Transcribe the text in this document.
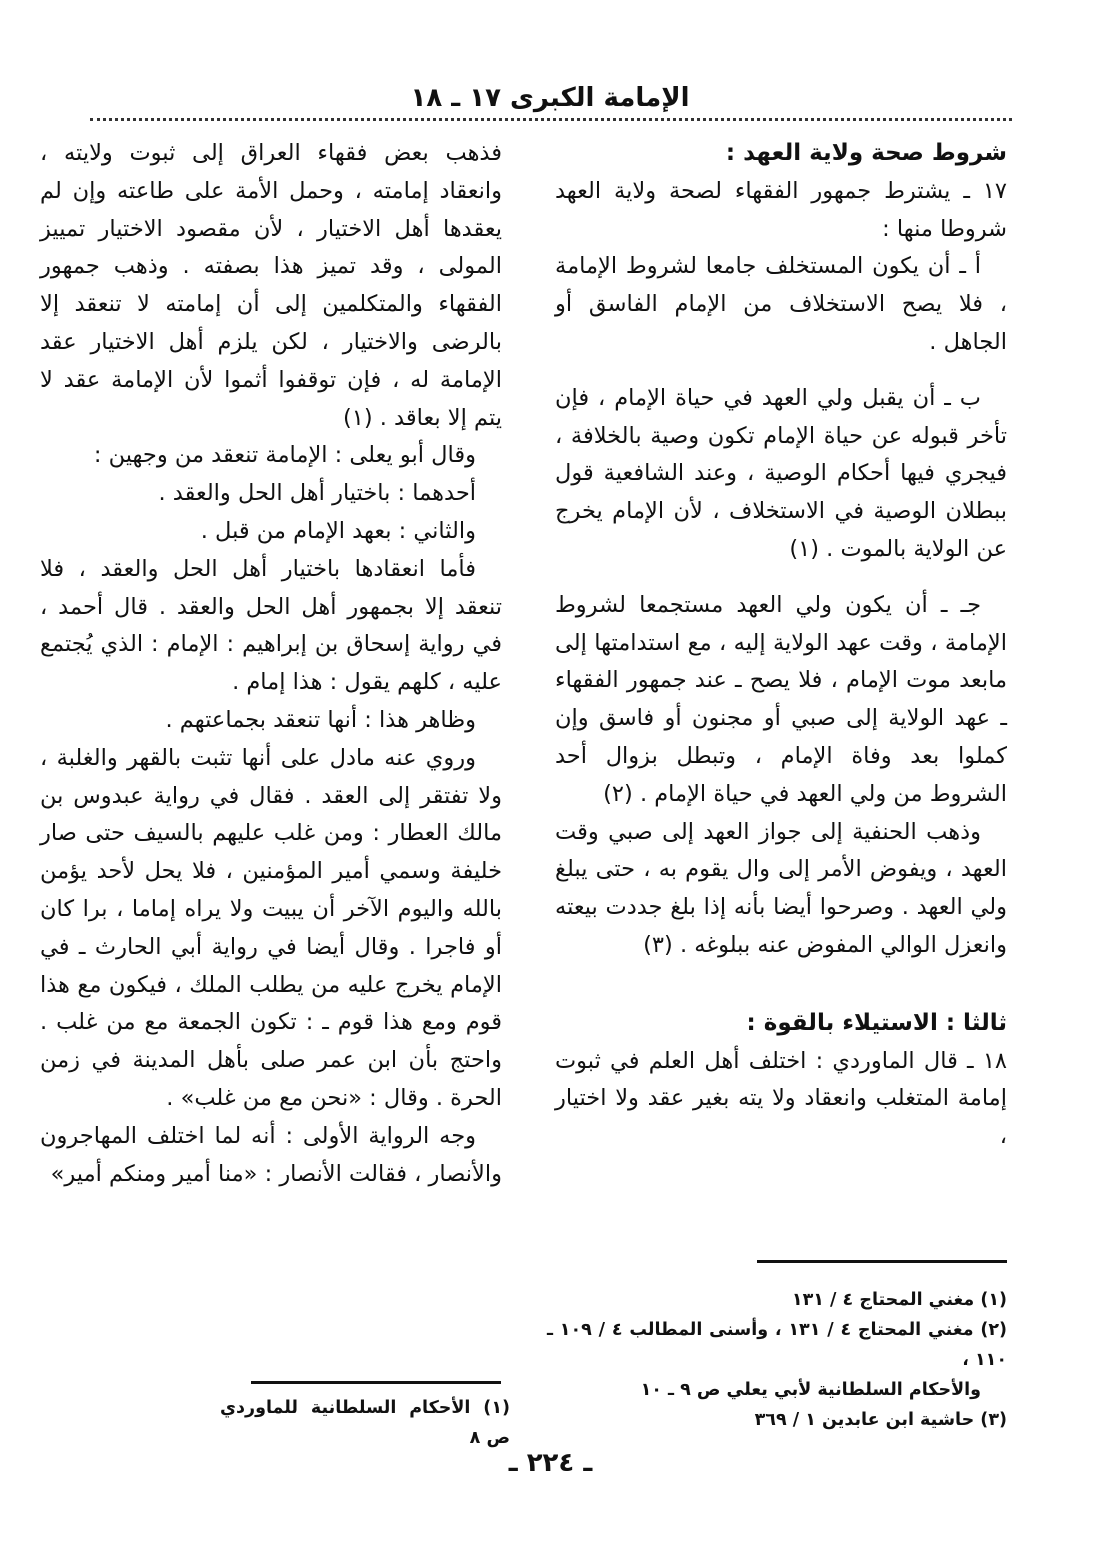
الإمامة الكبرى ١٧ ـ ١٨

شروط صحة ولاية العهد :

١٧ ـ يشترط جمهور الفقهاء لصحة ولاية العهد شروطا منها :

أ ـ أن يكون المستخلف جامعا لشروط الإمامة ، فلا يصح الاستخلاف من الإمام الفاسق أو الجاهل .

ب ـ أن يقبل ولي العهد في حياة الإمام ، فإن تأخر قبوله عن حياة الإمام تكون وصية بالخلافة ، فيجري فيها أحكام الوصية ، وعند الشافعية قول ببطلان الوصية في الاستخلاف ، لأن الإمام يخرج عن الولاية بالموت . (١)

جـ ـ أن يكون ولي العهد مستجمعا لشروط الإمامة ، وقت عهد الولاية إليه ، مع استدامتها إلى مابعد موت الإمام ، فلا يصح ـ عند جمهور الفقهاء ـ عهد الولاية إلى صبي أو مجنون أو فاسق وإن كملوا بعد وفاة الإمام ، وتبطل بزوال أحد الشروط من ولي العهد في حياة الإمام . (٢)

وذهب الحنفية إلى جواز العهد إلى صبي وقت العهد ، ويفوض الأمر إلى وال يقوم به ، حتى يبلغ ولي العهد . وصرحوا أيضا بأنه إذا بلغ جددت بيعته وانعزل الوالي المفوض عنه ببلوغه . (٣)

ثالثا : الاستيلاء بالقوة :

١٨ ـ قال الماوردي : اختلف أهل العلم في ثبوت إمامة المتغلب وانعقاد ولا يته بغير عقد ولا اختيار ،

فذهب بعض فقهاء العراق إلى ثبوت ولايته ، وانعقاد إمامته ، وحمل الأمة على طاعته وإن لم يعقدها أهل الاختيار ، لأن مقصود الاختيار تمييز المولى ، وقد تميز هذا بصفته . وذهب جمهور الفقهاء والمتكلمين إلى أن إمامته لا تنعقد إلا بالرضى والاختيار ، لكن يلزم أهل الاختيار عقد الإمامة له ، فإن توقفوا أثموا لأن الإمامة عقد لا يتم إلا بعاقد . (١)

وقال أبو يعلى : الإمامة تنعقد من وجهين :

أحدهما : باختيار أهل الحل والعقد .

والثاني : بعهد الإمام من قبل .

فأما انعقادها باختيار أهل الحل والعقد ، فلا تنعقد إلا بجمهور أهل الحل والعقد . قال أحمد ، في رواية إسحاق بن إبراهيم : الإمام : الذي يُجتمع عليه ، كلهم يقول : هذا إمام .

وظاهر هذا : أنها تنعقد بجماعتهم .

وروي عنه مادل على أنها تثبت بالقهر والغلبة ، ولا تفتقر إلى العقد . فقال في رواية عبدوس بن مالك العطار : ومن غلب عليهم بالسيف حتى صار خليفة وسمي أمير المؤمنين ، فلا يحل لأحد يؤمن بالله واليوم الآخر أن يبيت ولا يراه إماما ، برا كان أو فاجرا . وقال أيضا في رواية أبي الحارث ـ في الإمام يخرج عليه من يطلب الملك ، فيكون مع هذا قوم ومع هذا قوم ـ : تكون الجمعة مع من غلب . واحتج بأن ابن عمر صلى بأهل المدينة في زمن الحرة . وقال : «نحن مع من غلب» .

وجه الرواية الأولى : أنه لما اختلف المهاجرون والأنصار ، فقالت الأنصار : «منا أمير ومنكم أمير»

(١) مغني المحتاج ٤ / ١٣١

(٢) مغني المحتاج ٤ / ١٣١ ، وأسنى المطالب ٤ / ١٠٩ ـ ١١٠ ،

والأحكام السلطانية لأبي يعلي ص ٩ ـ ١٠

(٣) حاشية ابن عابدين ١ / ٣٦٩

(١) الأحكام السلطانية للماوردي ص ٨

ـ ٢٢٤ ـ
